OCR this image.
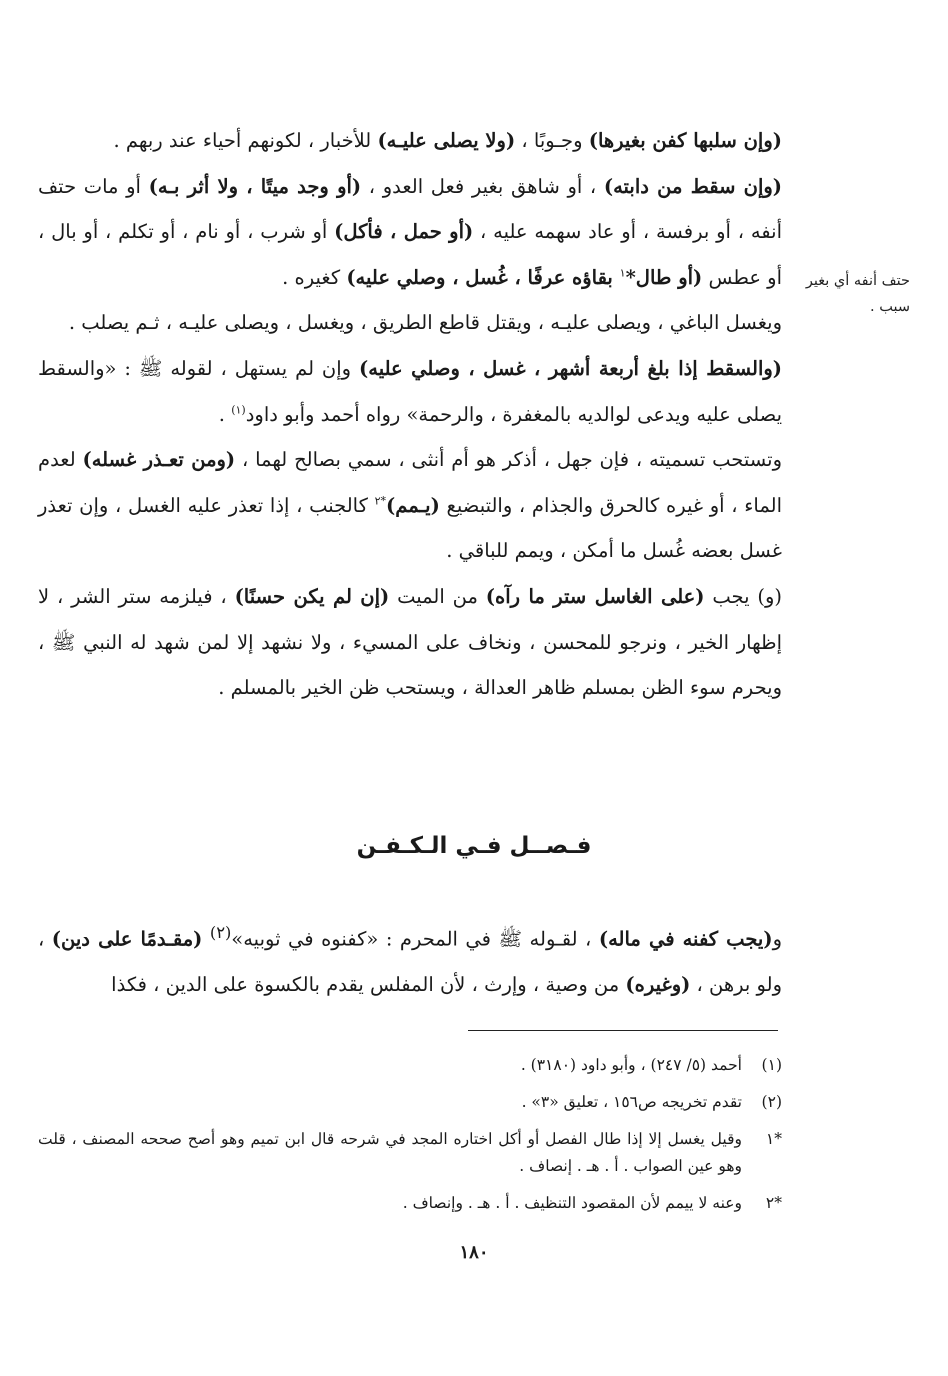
(وإن سلبها كفن بغيرها) وجـوبًا ، (ولا يصلى عليـه) للأخبار ، لكونهم أحياء عند ربهم .

(وإن سقط من دابته) ، أو شاهق بغير فعل العدو ، (أو وجد ميتًا ، ولا أثر بـه) أو مات حتف أنفه ، أو برفسة ، أو عاد سهمه عليه ، (أو حمل ، فأكل) أو شرب ، أو نام ، أو تكلم ، أو بال ، أو عطس (أو طال*$^١$ بقاؤه عرفًا ، غُسل ، وصلي عليه) كغيره .

ويغسل الباغي ، ويصلى عليـه ، ويقتل قاطع الطريق ، ويغسل ، ويصلى عليـه ، ثـم يصلب .

(والسقط إذا بلغ أربعة أشهر ، غسل ، وصلي عليه) وإن لم يستهل ، لقوله ﷺ : «والسقط يصلى عليه ويدعى لوالديه بالمغفرة ، والرحمة» رواه أحمد وأبو داود$^{(١)}$ .

وتستحب تسميته ، فإن جهل ، أذكر هو أم أنثى ، سمي بصالح لهما ، (ومن تعـذر غسله) لعدم الماء ، أو غيره كالحرق والجذام ، والتبضيع (يـمم)$^{*٢}$ كالجنب ، إذا تعذر عليه الغسل ، وإن تعذر غسل بعضه غُسل ما أمكن ، ويمم للباقي .

(و) يجب (على الغاسل ستر ما رآه) من الميت (إن لم يكن حسنًا) ، فيلزمه ستر الشر ، لا إظهار الخير ، ونرجو للمحسن ، ونخاف على المسيء ، ولا نشهد إلا لمن شهد له النبي ﷺ ، ويحرم سوء الظن بمسلم ظاهر العدالة ، ويستحب ظن الخير بالمسلم .

حتف أنفه أي بغير سبب .
فـصــل فـي الـكـفـن

و(يجب كفنه في ماله) ، لقـوله ﷺ في المحرم : «كفنوه في ثوبيه»$^{(٢)}$ (مقـدمًا على دين) ، ولو برهن ، (وغيره) من وصية ، وإرث ، لأن المفلس يقدم بالكسوة على الدين ، فكذا

(١)
أحمد (٥/ ٢٤٧) ، وأبو داود (٣١٨٠) .
(٢)
تقدم تخريجه ص١٥٦ ، تعليق «٣» .
*١
وقيل يغسل إلا إذا طال الفصل أو أكل اختاره المجد في شرحه قال ابن تميم وهو أصح صححه المصنف ، قلت وهو عين الصواب . أ . هـ . إنصاف .
*٢
وعنه لا ييمم لأن المقصود التنظيف . أ . هـ . وإنصاف .
١٨٠
